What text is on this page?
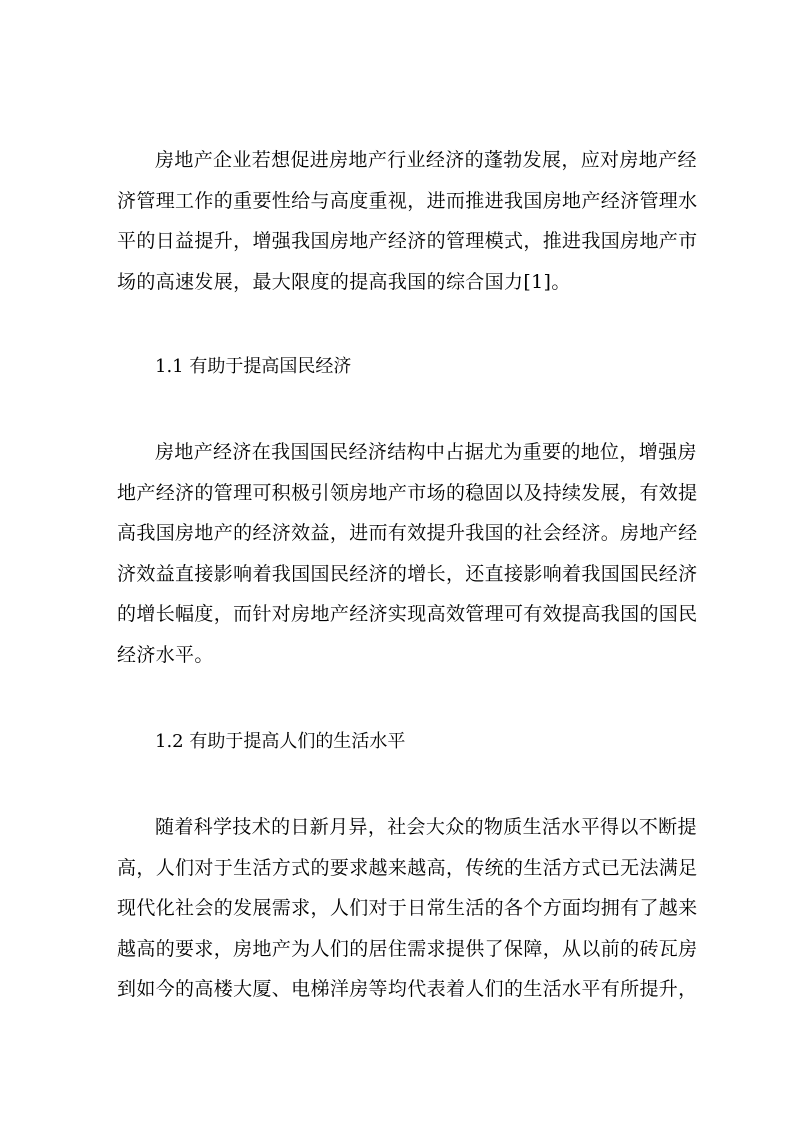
房地产企业若想促进房地产行业经济的蓬勃发展，应对房地产经
济管理工作的重要性给与高度重视，进而推进我国房地产经济管理水
平的日益提升，增强我国房地产经济的管理模式，推进我国房地产市
场的高速发展，最大限度的提高我国的综合国力[1]。
1.1 有助于提高国民经济
房地产经济在我国国民经济结构中占据尤为重要的地位，增强房
地产经济的管理可积极引领房地产市场的稳固以及持续发展，有效提
高我国房地产的经济效益，进而有效提升我国的社会经济。房地产经
济效益直接影响着我国国民经济的增长，还直接影响着我国国民经济
的增长幅度，而针对房地产经济实现高效管理可有效提高我国的国民
经济水平。
1.2 有助于提高人们的生活水平
随着科学技术的日新月异，社会大众的物质生活水平得以不断提
高，人们对于生活方式的要求越来越高，传统的生活方式已无法满足
现代化社会的发展需求，人们对于日常生活的各个方面均拥有了越来
越高的要求，房地产为人们的居住需求提供了保障，从以前的砖瓦房
到如今的高楼大厦、电梯洋房等均代表着人们的生活水平有所提升，
